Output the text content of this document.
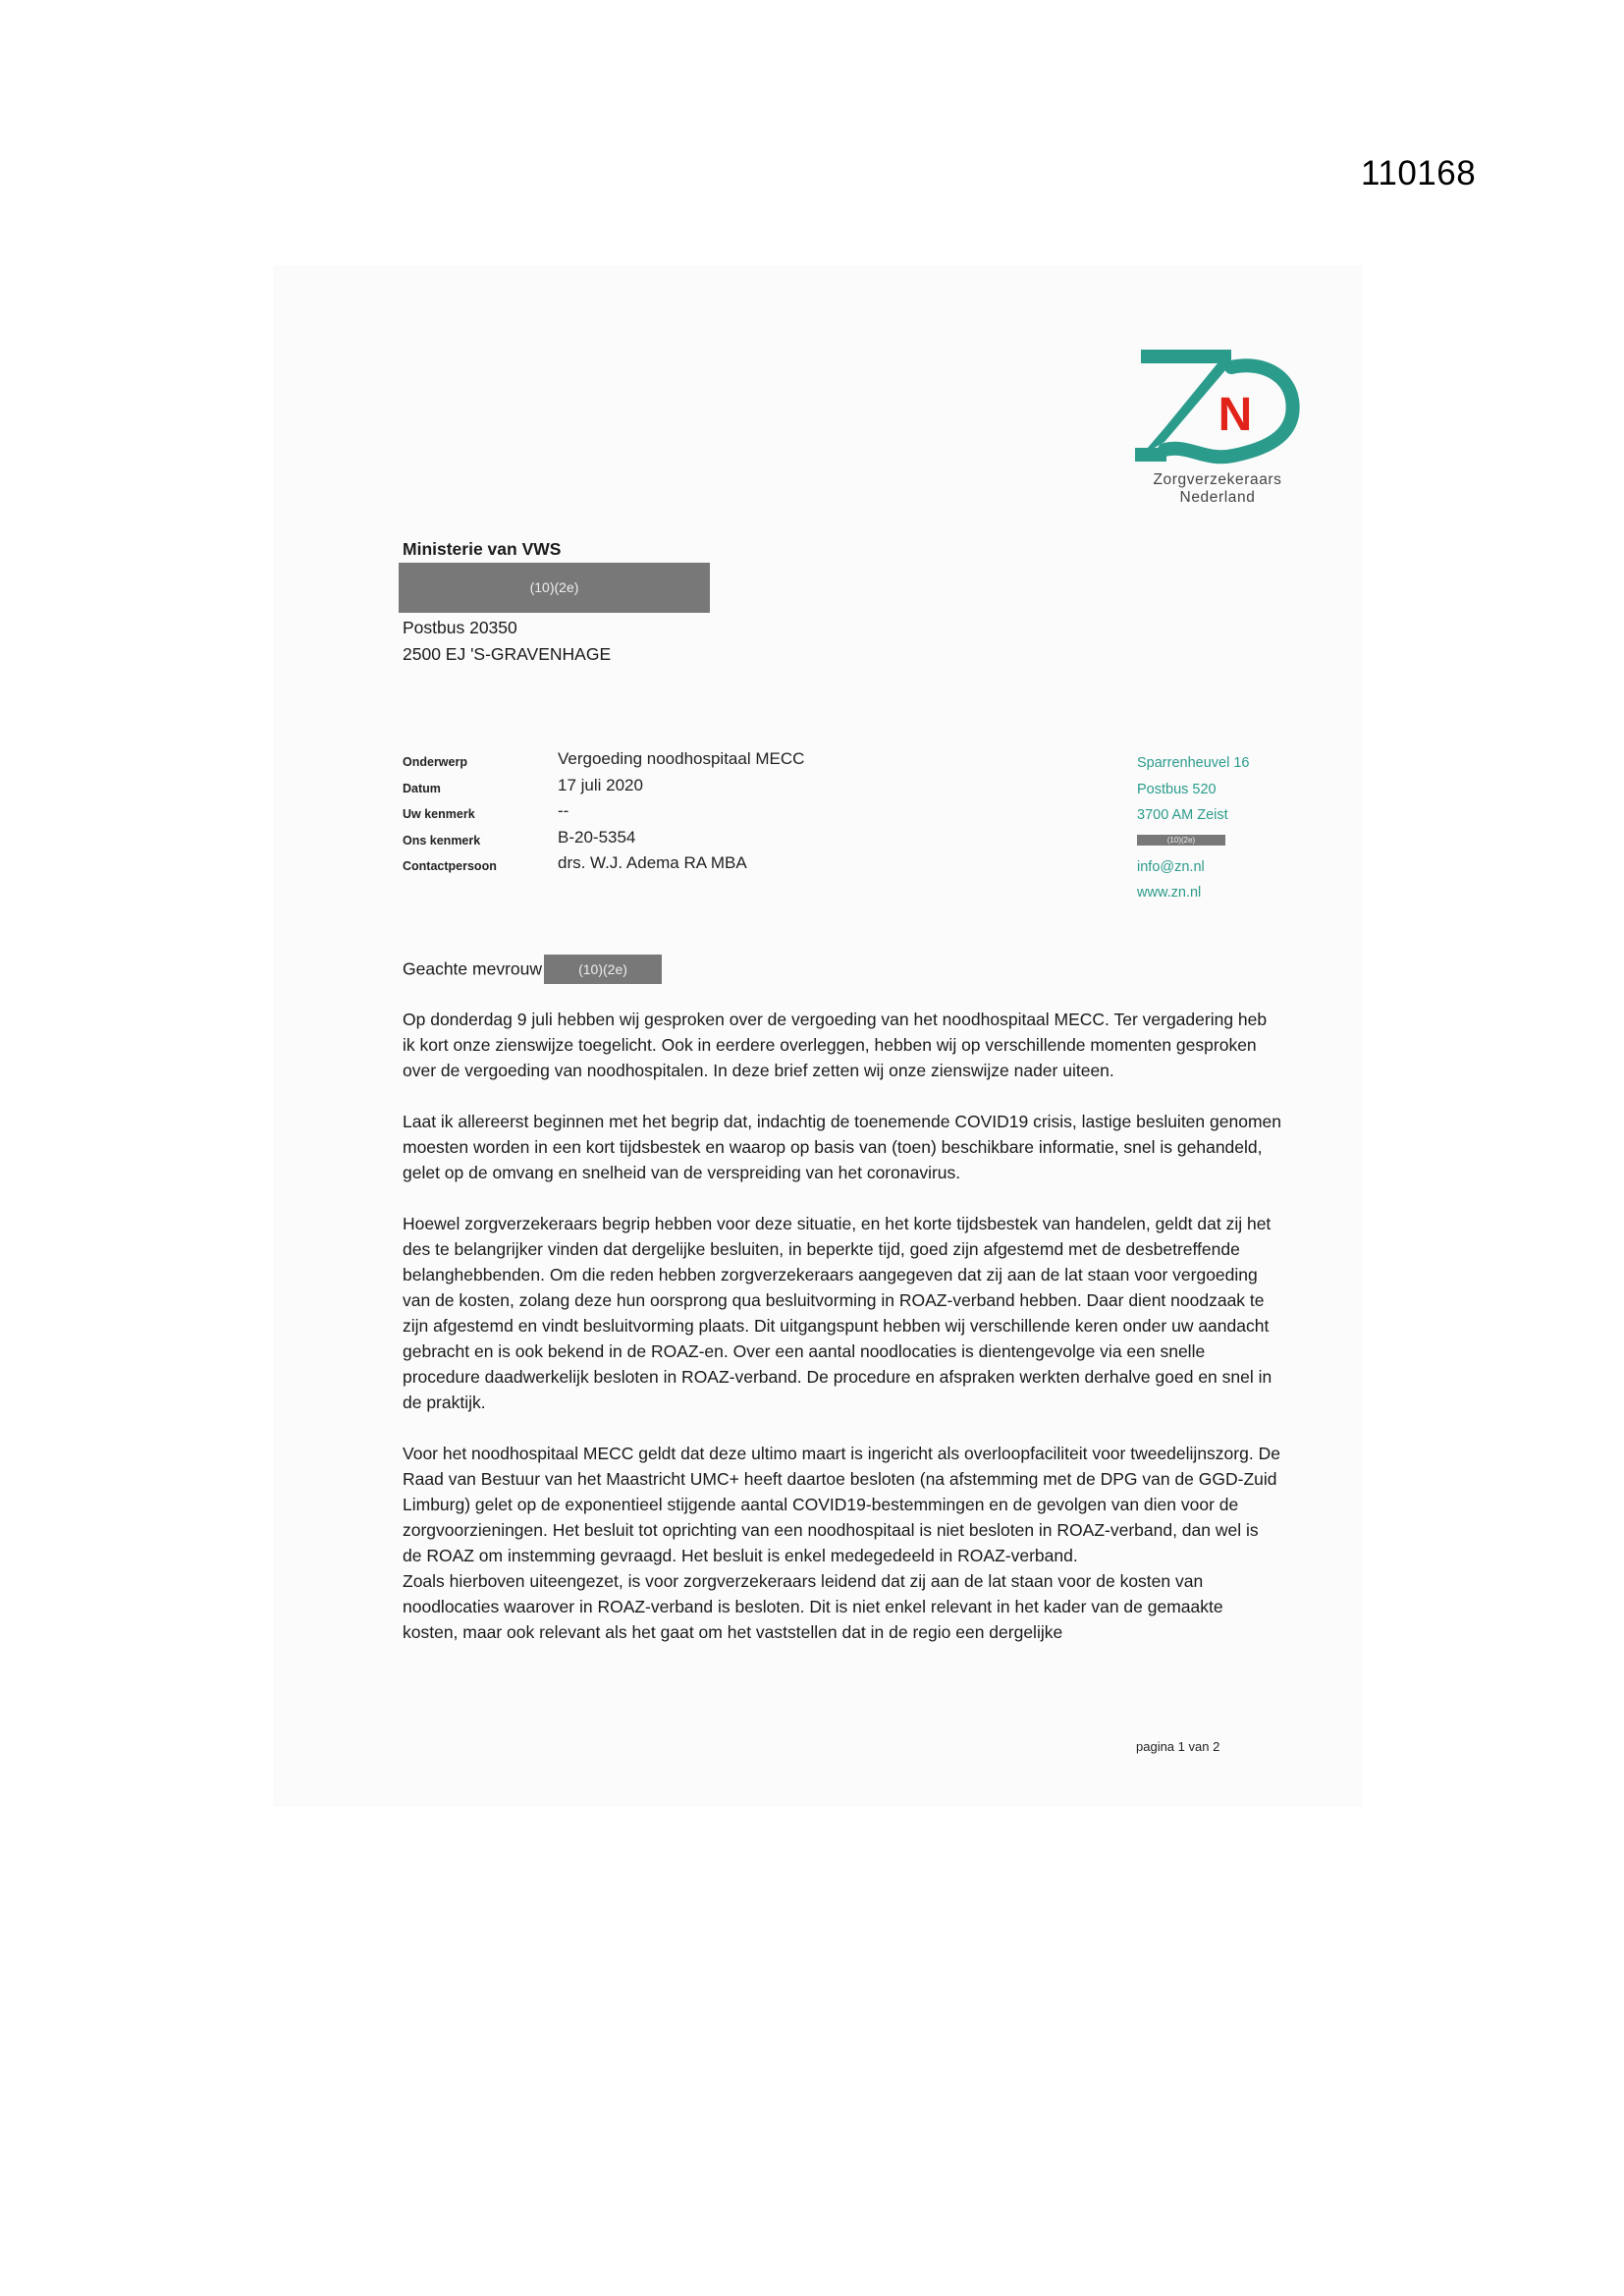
110168
N
Zorgverzekeraars
Nederland
Ministerie van VWS
Postbus 20350
2500 EJ 'S-GRAVENHAGE
(10)(2e)
Onderwerp	Vergoeding noodhospitaal MECC
Datum	17 juli 2020
Uw kenmerk	--
Ons kenmerk	B-20-5354
Contactpersoon	drs. W.J. Adema RA MBA
Sparrenheuvel 16
Postbus 520
3700 AM Zeist
(10)(2e)
info@zn.nl
www.zn.nl
Geachte mevrouw	(10)(2e)

Op donderdag 9 juli hebben wij gesproken over de vergoeding van het noodhospitaal MECC. Ter vergadering heb ik kort onze zienswijze toegelicht. Ook in eerdere overleggen, hebben wij op verschillende momenten gesproken over de vergoeding van noodhospitalen. In deze brief zetten wij onze zienswijze nader uiteen.

Laat ik allereerst beginnen met het begrip dat, indachtig de toenemende COVID19 crisis, lastige besluiten genomen moesten worden in een kort tijdsbestek en waarop op basis van (toen) beschikbare informatie, snel is gehandeld, gelet op de omvang en snelheid van de verspreiding van het coronavirus.

Hoewel zorgverzekeraars begrip hebben voor deze situatie, en het korte tijdsbestek van handelen, geldt dat zij het des te belangrijker vinden dat dergelijke besluiten, in beperkte tijd, goed zijn afgestemd met de desbetreffende belanghebbenden. Om die reden hebben zorgverzekeraars aangegeven dat zij aan de lat staan voor vergoeding van de kosten, zolang deze hun oorsprong qua besluitvorming in ROAZ-verband hebben. Daar dient noodzaak te zijn afgestemd en vindt besluitvorming plaats. Dit uitgangspunt hebben wij verschillende keren onder uw aandacht gebracht en is ook bekend in de ROAZ-en. Over een aantal noodlocaties is dientengevolge via een snelle procedure daadwerkelijk besloten in ROAZ-verband. De procedure en afspraken werkten derhalve goed en snel in de praktijk.

Voor het noodhospitaal MECC geldt dat deze ultimo maart is ingericht als overloopfaciliteit voor tweedelijnszorg. De Raad van Bestuur van het Maastricht UMC+ heeft daartoe besloten (na afstemming met de DPG van de GGD-Zuid Limburg) gelet op de exponentieel stijgende aantal COVID19-bestemmingen en de gevolgen van dien voor de zorgvoorzieningen. Het besluit tot oprichting van een noodhospitaal is niet besloten in ROAZ-verband, dan wel is de ROAZ om instemming gevraagd. Het besluit is enkel medegedeeld in ROAZ-verband.

Zoals hierboven uiteengezet, is voor zorgverzekeraars leidend dat zij aan de lat staan voor de kosten van noodlocaties waarover in ROAZ-verband is besloten. Dit is niet enkel relevant in het kader van de gemaakte kosten, maar ook relevant als het gaat om het vaststellen dat in de regio een dergelijke

pagina 1 van 2
